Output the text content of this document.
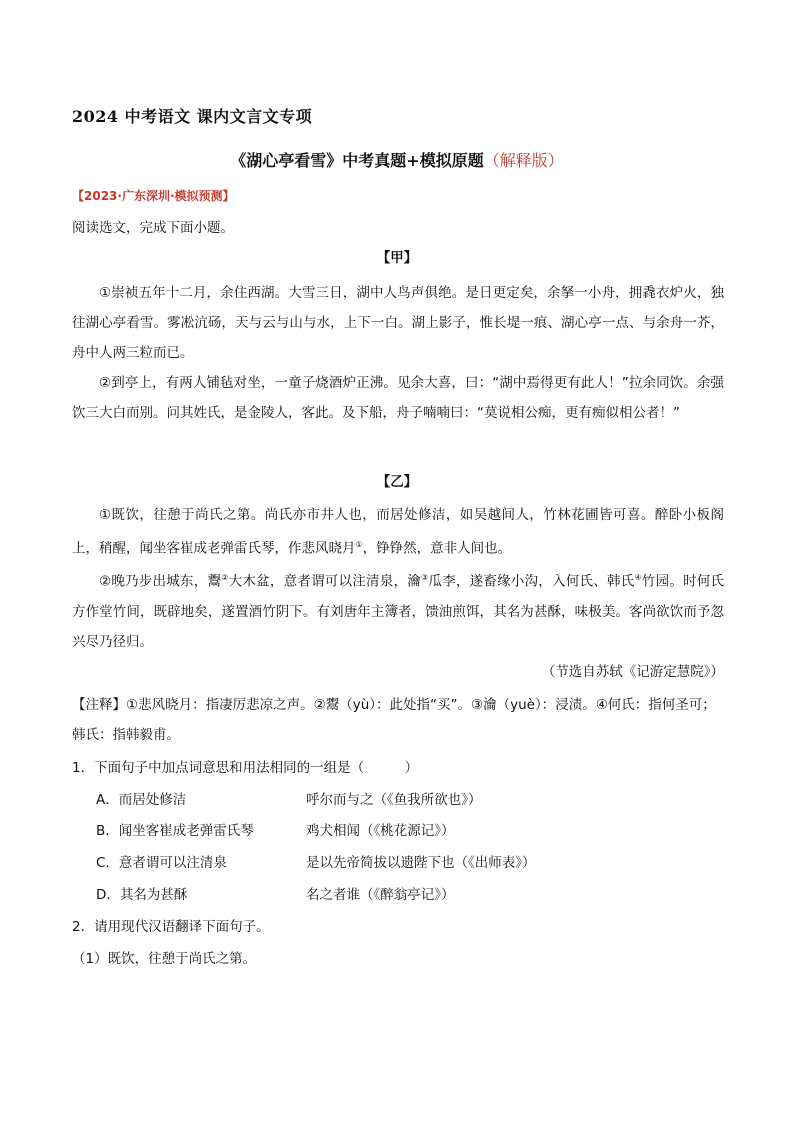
2024 中考语文 课内文言文专项
《湖心亭看雪》中考真题+模拟原题（解释版）
【2023·广东深圳·模拟预测】
阅读选文，完成下面小题。
【甲】
①崇祯五年十二月，余住西湖。大雪三日，湖中人鸟声俱绝。是日更定矣，余拏一小舟，拥毳衣炉火，独往湖心亭看雪。雾凇沆砀，天与云与山与水，上下一白。湖上影子，惟长堤一痕、湖心亭一点、与余舟一芥，舟中人两三粒而已。
②到亭上，有两人铺毡对坐，一童子烧酒炉正沸。见余大喜，曰：“湖中焉得更有此人！”拉余同饮。余强饮三大白而别。问其姓氏，是金陵人，客此。及下船，舟子喃喃曰：“莫说相公痴，更有痴似相公者！”
【乙】
①既饮，往憩于尚氏之第。尚氏亦市井人也，而居处修洁，如吴越间人，竹林花圃皆可喜。醉卧小板阁上，稍醒，闻坐客崔成老弹雷氏琴，作悲风晓月①，铮铮然，意非人间也。
②晚乃步出城东，鬻②大木盆，意者谓可以注清泉，瀹③瓜李，遂畜缘小沟，入何氏、韩氏④竹园。时何氏方作堂竹间，既辟地矣，遂置酒竹阴下。有刘唐年主簿者，馈油煎饵，其名为甚酥，味极美。客尚欲饮而予忽兴尽乃径归。
（节选自苏轼《记游定慧院》）
【注释】①悲风晓月：指凄厉悲凉之声。②鬻（yù）：此处指“买”。③瀹（yuè）：浸渍。④何氏：指何圣可；韩氏：指韩毅甫。
1．下面句子中加点词意思和用法相同的一组是（　　　）
A．而居处修洁	呼尔而与之（《鱼我所欲也》）
B．闻坐客崔成老弹雷氏琴	鸡犬相闻（《桃花源记》）
C．意者谓可以注清泉	是以先帝简拔以遗陛下也（《出师表》）
D．其名为甚酥	名之者谁（《醉翁亭记》）
2．请用现代汉语翻译下面句子。
（1）既饮，往憩于尚氏之第。
